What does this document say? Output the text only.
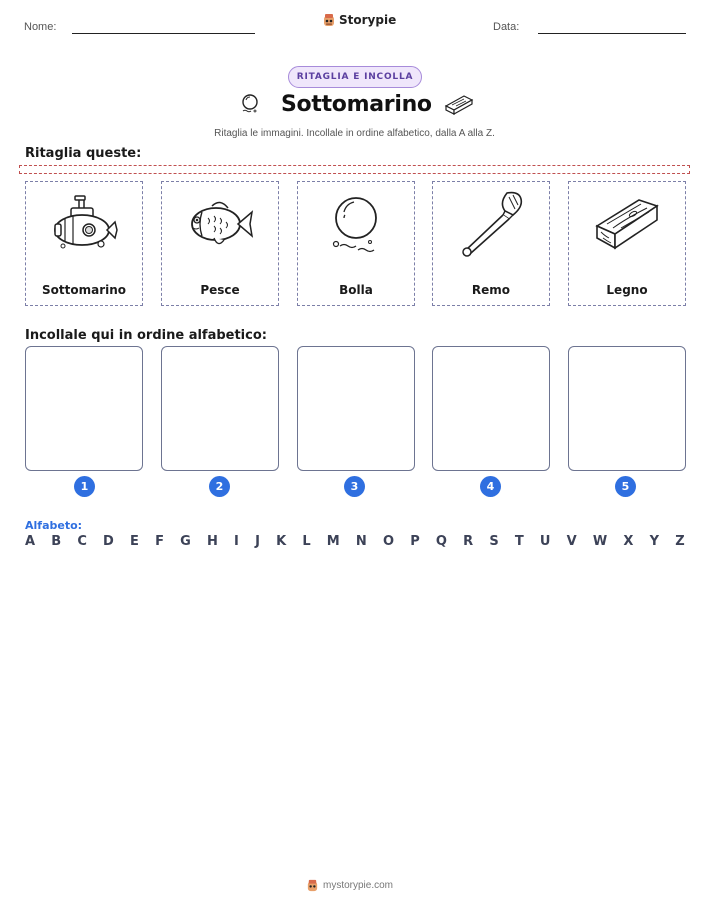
Nome:	Storypie	Data:
RITAGLIA E INCOLLA
Sottomarino
Ritaglia le immagini. Incollale in ordine alfabetico, dalla A alla Z.
Ritaglia queste:
Sottomarino	Pesce	Bolla	Remo	Legno
Incollale qui in ordine alfabetico:
1	2	3	4	5
Alfabeto:
A B C D E F G H I J K L M N O P Q R S T U V W X Y Z
mystorypie.com
